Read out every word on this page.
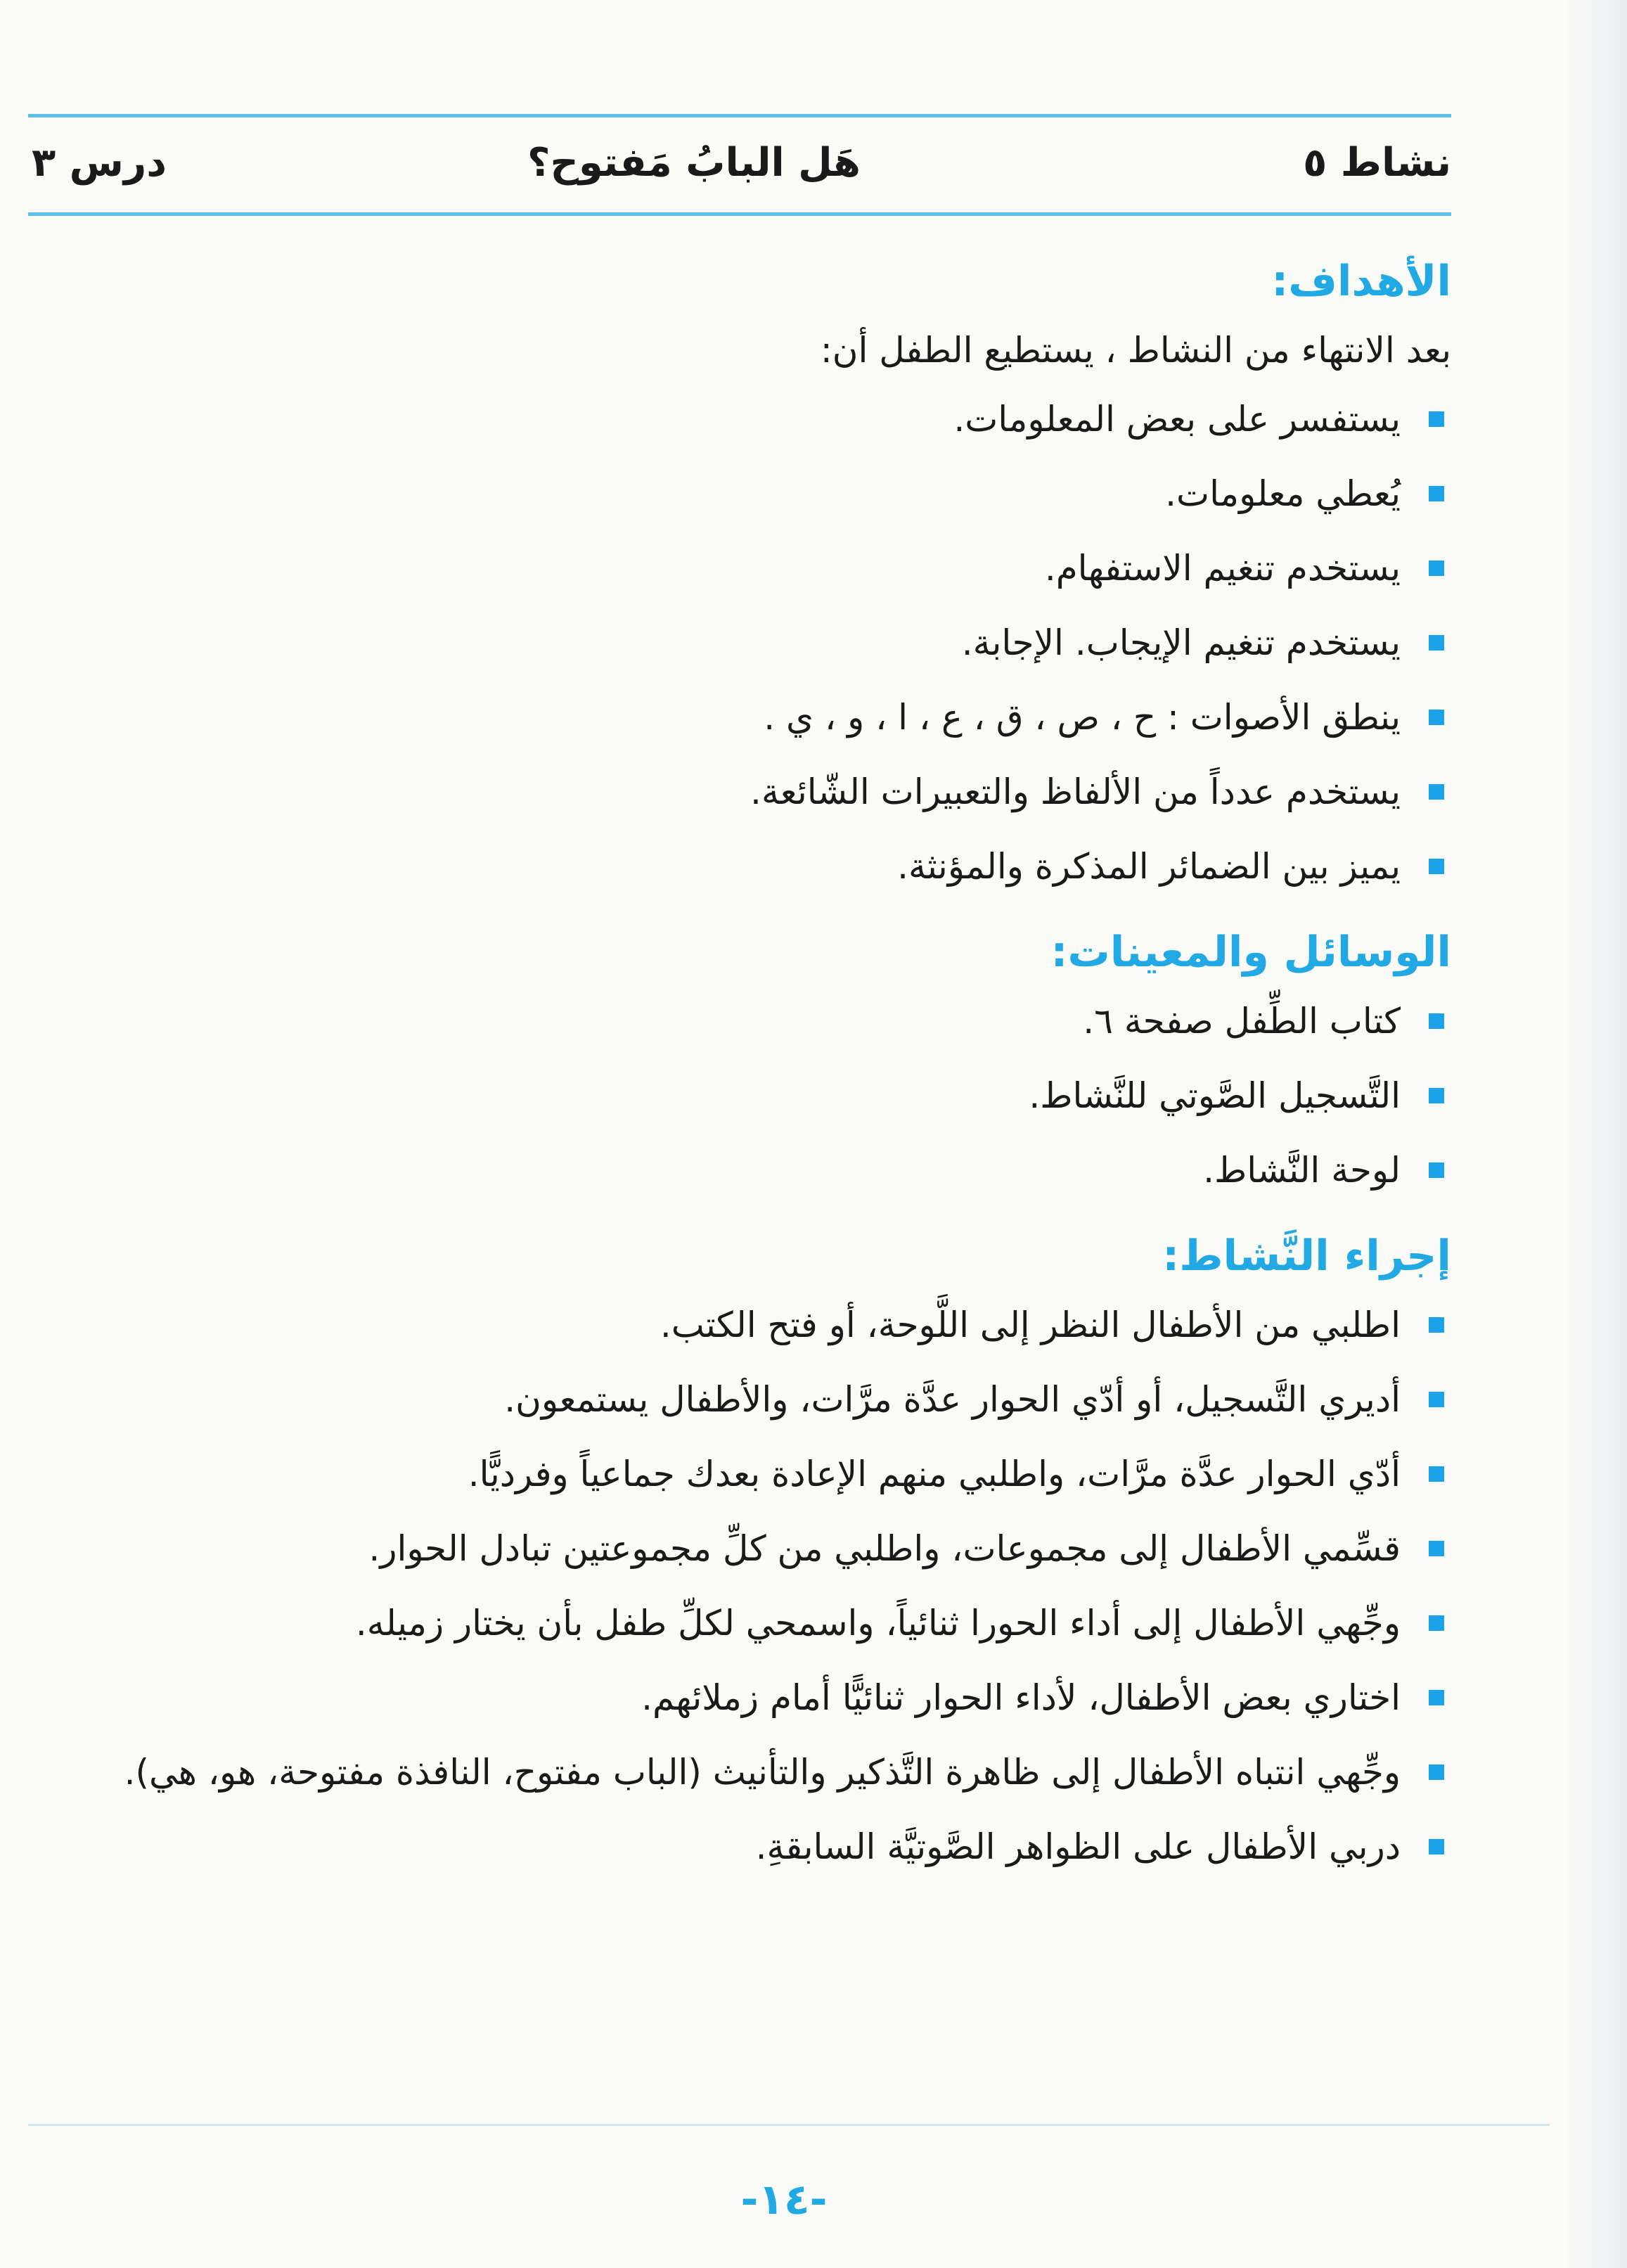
نشاط ٥
هَل البابُ مَفتوح؟
درس ٣
الأهداف:

بعد الانتهاء من النشاط ، يستطيع الطفل أن:

يستفسر على بعض المعلومات.
يُعطي معلومات.
يستخدم تنغيم الاستفهام.
يستخدم تنغيم الإيجاب. الإجابة.
ينطق الأصوات : ح ، ص ، ق ، ع ، ا ، و ، ي .
يستخدم عدداً من الألفاظ والتعبيرات الشّائعة.
يميز بين الضمائر المذكرة والمؤنثة.
الوسائل والمعينات:
كتاب الطِّفل صفحة ٦.
التَّسجيل الصَّوتي للنَّشاط.
لوحة النَّشاط.
إجراء النَّشاط:
اطلبي من الأطفال النظر إلى اللَّوحة، أو فتح الكتب.
أديري التَّسجيل، أو أدّي الحوار عدَّة مرَّات، والأطفال يستمعون.
أدّي الحوار عدَّة مرَّات، واطلبي منهم الإعادة بعدك جماعياً وفرديًّا.
قسِّمي الأطفال إلى مجموعات، واطلبي من كلِّ مجموعتين تبادل الحوار.
وجِّهي الأطفال إلى أداء الحورا ثنائياً، واسمحي لكلِّ طفل بأن يختار زميله.
اختاري بعض الأطفال، لأداء الحوار ثنائيًّا أمام زملائهم.
وجِّهي انتباه الأطفال إلى ظاهرة التَّذكير والتأنيث (الباب مفتوح، النافذة مفتوحة، هو، هي).
دربي الأطفال على الظواهر الصَّوتيَّة السابقةِ.
-١٤-
